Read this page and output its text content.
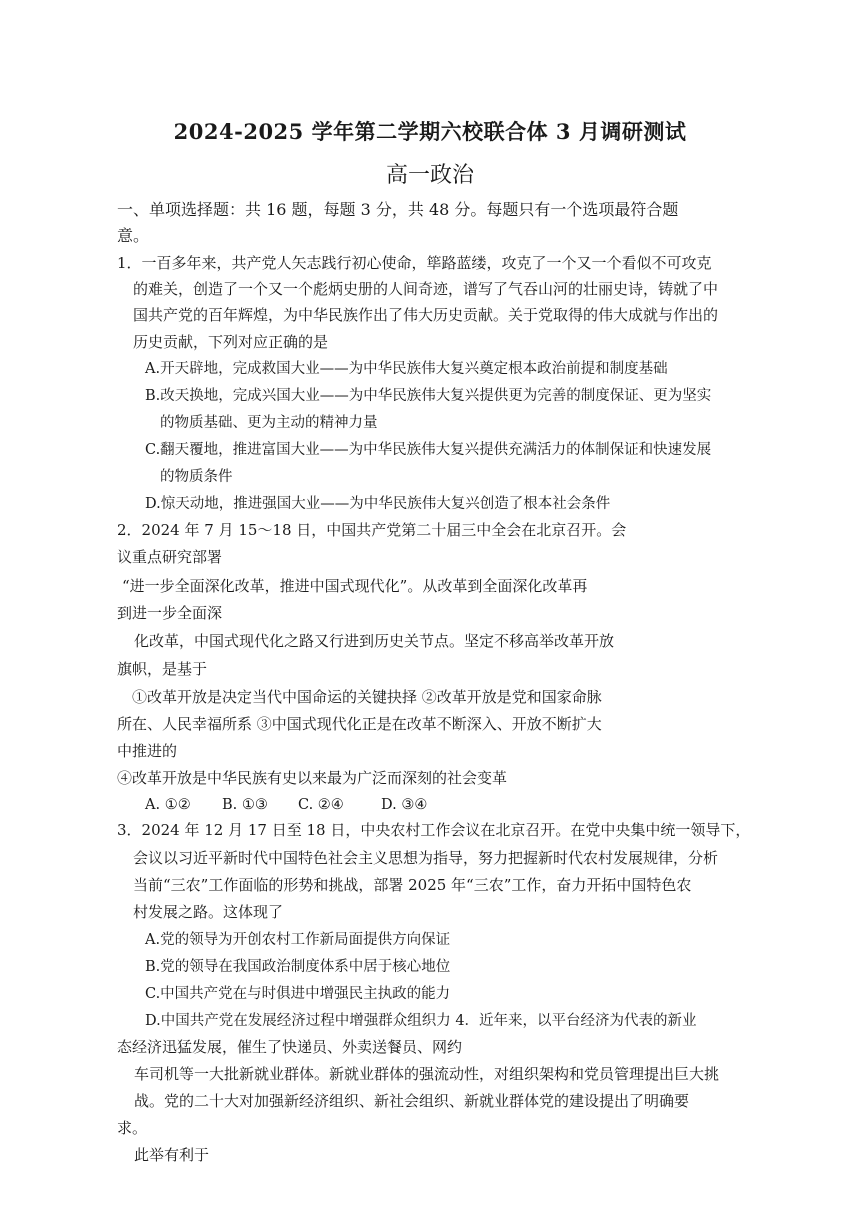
2024-2025 学年第二学期六校联合体 3 月调研测试
高一政治
一、单项选择题：共 16 题，每题 3 分，共 48 分。每题只有一个选项最符合题
意。
1．一百多年来，共产党人矢志践行初心使命，筚路蓝缕，攻克了一个又一个看似不可攻克
的难关，创造了一个又一个彪炳史册的人间奇迹，谱写了气吞山河的壮丽史诗，铸就了中
国共产党的百年辉煌，为中华民族作出了伟大历史贡献。关于党取得的伟大成就与作出的
历史贡献，下列对应正确的是
A.开天辟地，完成救国大业——为中华民族伟大复兴奠定根本政治前提和制度基础
B.改天换地，完成兴国大业——为中华民族伟大复兴提供更为完善的制度保证、更为坚实
的物质基础、更为主动的精神力量
C.翻天覆地，推进富国大业——为中华民族伟大复兴提供充满活力的体制保证和快速发展
的物质条件
D.惊天动地，推进强国大业——为中华民族伟大复兴创造了根本社会条件
2．2024 年 7 月 15～18 日，中国共产党第二十届三中全会在北京召开。会
议重点研究部署
“进一步全面深化改革，推进中国式现代化”。从改革到全面深化改革再
到进一步全面深
化改革，中国式现代化之路又行进到历史关节点。坚定不移高举改革开放
旗帜，是基于
①改革开放是决定当代中国命运的关键抉择 ②改革开放是党和国家命脉
所在、人民幸福所系 ③中国式现代化正是在改革不断深入、开放不断扩大
中推进的
④改革开放是中华民族有史以来最为广泛而深刻的社会变革
A. ①② B. ①③ C. ②④	D. ③④
3．2024 年 12 月 17 日至 18 日，中央农村工作会议在北京召开。在党中央集中统一领导下，
会议以习近平新时代中国特色社会主义思想为指导，努力把握新时代农村发展规律，分析
当前“三农”工作面临的形势和挑战，部署 2025 年“三农”工作，奋力开拓中国特色农
村发展之路。这体现了
A.党的领导为开创农村工作新局面提供方向保证
B.党的领导在我国政治制度体系中居于核心地位
C.中国共产党在与时俱进中增强民主执政的能力
D.中国共产党在发展经济过程中增强群众组织力 4．近年来，以平台经济为代表的新业
态经济迅猛发展，催生了快递员、外卖送餐员、网约
车司机等一大批新就业群体。新就业群体的强流动性，对组织架构和党员管理提出巨大挑
战。党的二十大对加强新经济组织、新社会组织、新就业群体党的建设提出了明确要
求。
此举有利于
